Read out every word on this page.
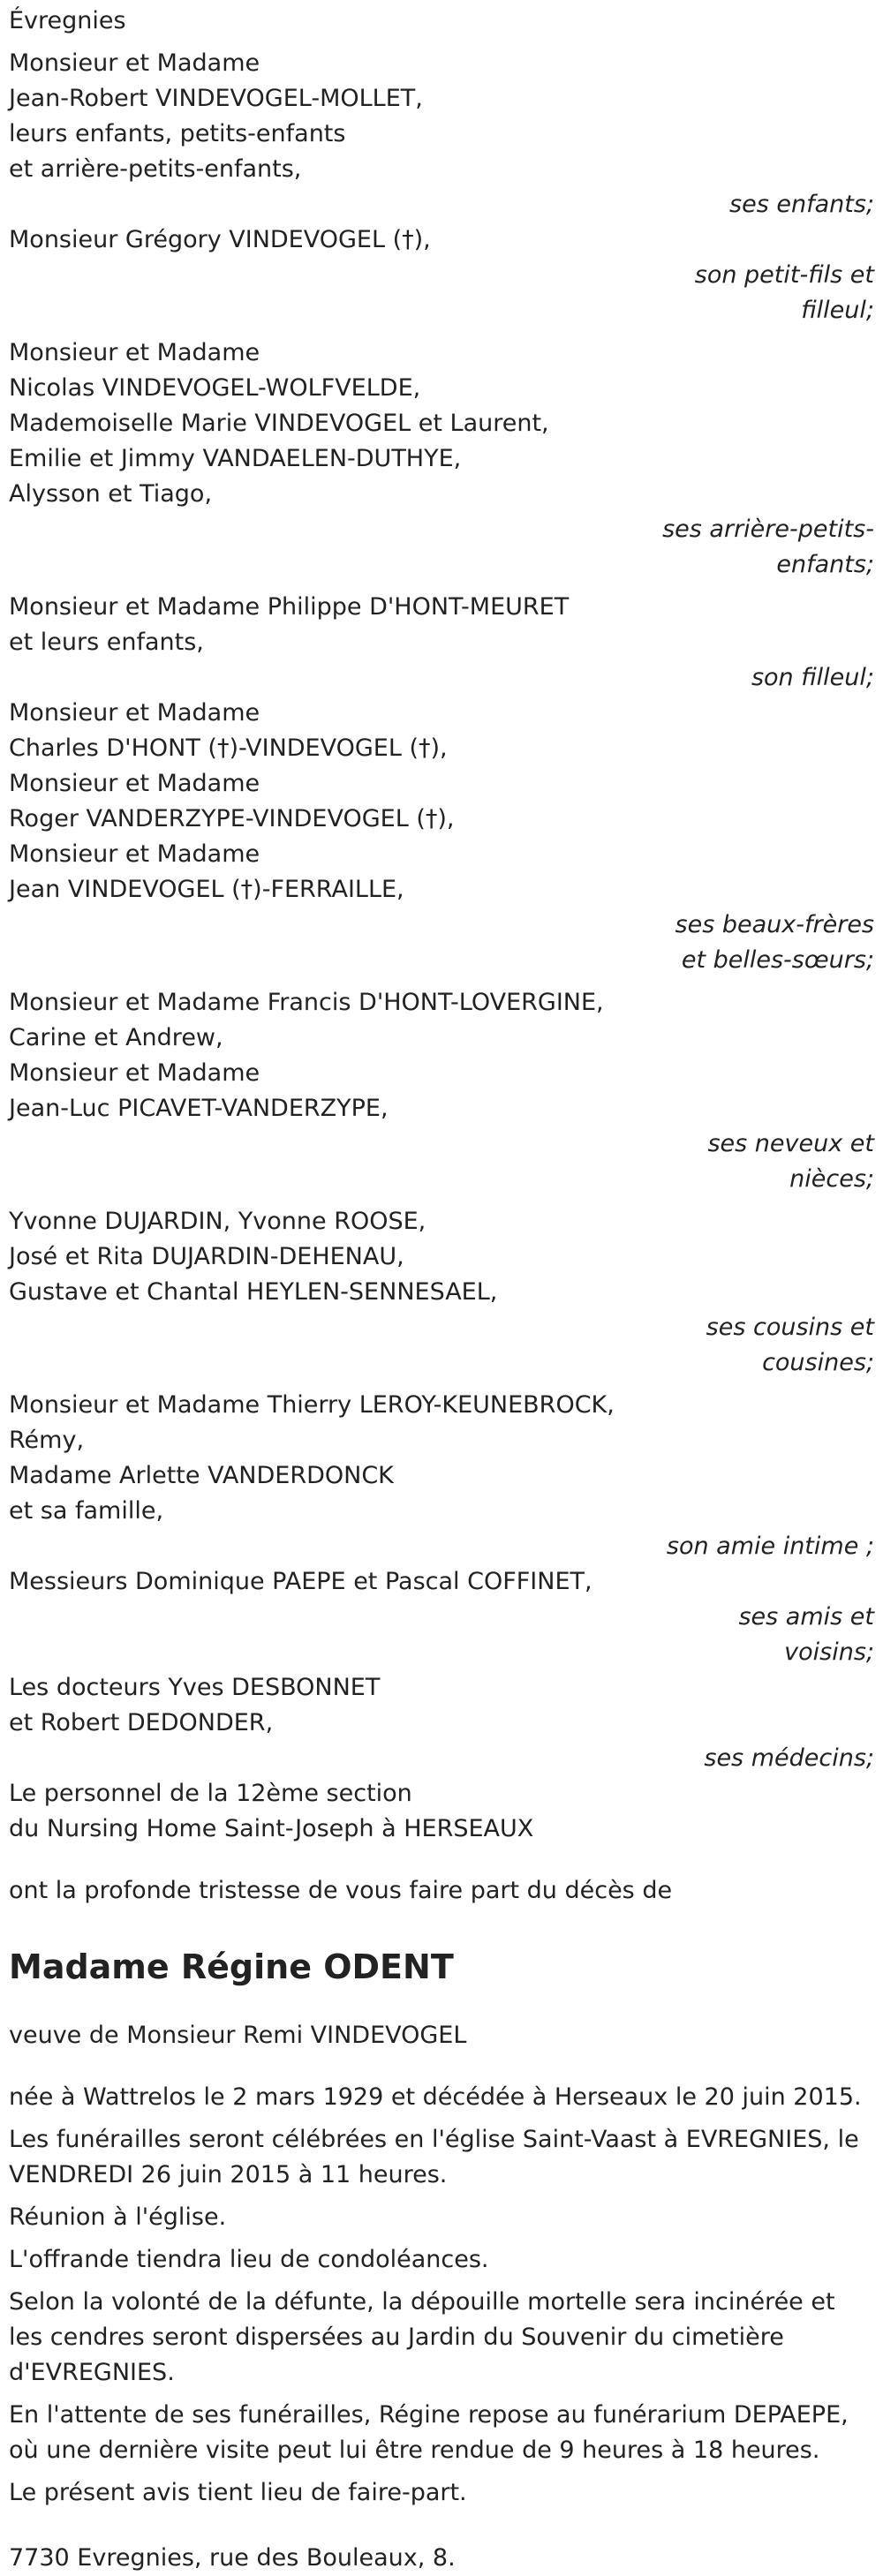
Évregnies
Monsieur et Madame
Jean-Robert VINDEVOGEL-MOLLET,
leurs enfants, petits-enfants
et arrière-petits-enfants,
ses enfants;
Monsieur Grégory VINDEVOGEL (†),
son petit-fils et filleul;
Monsieur et Madame
Nicolas VINDEVOGEL-WOLFVELDE,
Mademoiselle Marie VINDEVOGEL et Laurent,
Emilie et Jimmy VANDAELEN-DUTHYE,
Alysson et Tiago,
ses arrière-petits-enfants;
Monsieur et Madame Philippe D'HONT-MEURET
et leurs enfants,
son filleul;
Monsieur et Madame
Charles D'HONT (†)-VINDEVOGEL (†),
Monsieur et Madame
Roger VANDERZYPE-VINDEVOGEL (†),
Monsieur et Madame
Jean VINDEVOGEL (†)-FERRAILLE,
ses beaux-frères et belles-sœurs;
Monsieur et Madame Francis D'HONT-LOVERGINE,
Carine et Andrew,
Monsieur et Madame
Jean-Luc PICAVET-VANDERZYPE,
ses neveux et nièces;
Yvonne DUJARDIN, Yvonne ROOSE,
José et Rita DUJARDIN-DEHENAU,
Gustave et Chantal HEYLEN-SENNESAEL,
ses cousins et cousines;
Monsieur et Madame Thierry LEROY-KEUNEBROCK,
Rémy,
Madame Arlette VANDERDONCK
et sa famille,
son amie intime ;
Messieurs Dominique PAEPE et Pascal COFFINET,
ses amis et voisins;
Les docteurs Yves DESBONNET
et Robert DEDONDER,
ses médecins;
Le personnel de la 12ème section
du Nursing Home Saint-Joseph à HERSEAUX
ont la profonde tristesse de vous faire part du décès de
Madame Régine ODENT
veuve de Monsieur Remi VINDEVOGEL

née à Wattrelos le 2 mars 1929 et décédée à Herseaux le 20 juin 2015.

Les funérailles seront célébrées en l'église Saint-Vaast à EVREGNIES, le VENDREDI 26 juin 2015 à 11 heures.

Réunion à l'église.

L'offrande tiendra lieu de condoléances.

Selon la volonté de la défunte, la dépouille mortelle sera incinérée et les cendres seront dispersées au Jardin du Souvenir du cimetière d'EVREGNIES.

En l'attente de ses funérailles, Régine repose au funérarium DEPAEPE, où une dernière visite peut lui être rendue de 9 heures à 18 heures.

Le présent avis tient lieu de faire-part.

7730 Evregnies, rue des Bouleaux, 8.
